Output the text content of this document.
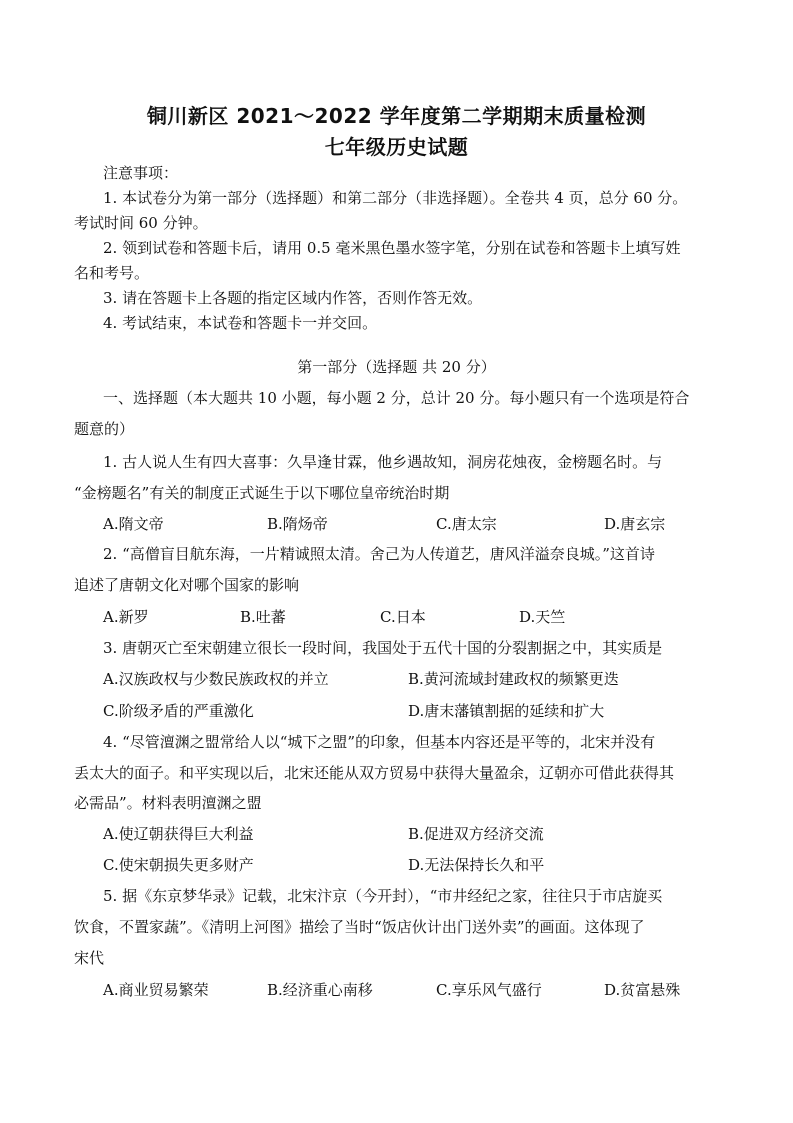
铜川新区 2021～2022 学年度第二学期期末质量检测
七年级历史试题
注意事项：
1. 本试卷分为第一部分（选择题）和第二部分（非选择题）。全卷共 4 页，总分 60 分。
考试时间 60 分钟。
2. 领到试卷和答题卡后，请用 0.5 毫米黑色墨水签字笔，分别在试卷和答题卡上填写姓
名和考号。
3. 请在答题卡上各题的指定区域内作答，否则作答无效。
4. 考试结束，本试卷和答题卡一并交回。
第一部分（选择题 共 20 分）
一、选择题（本大题共 10 小题，每小题 2 分，总计 20 分。每小题只有一个选项是符合
题意的）
1. 古人说人生有四大喜事：久旱逢甘霖，他乡遇故知，洞房花烛夜，金榜题名时。与
“金榜题名”有关的制度正式诞生于以下哪位皇帝统治时期
A.隋文帝	B.隋炀帝	C.唐太宗	D.唐玄宗
2. “高僧盲目航东海，一片精诚照太清。舍己为人传道艺，唐风洋溢奈良城。”这首诗
追述了唐朝文化对哪个国家的影响
A.新罗	B.吐蕃	C.日本	D.天竺
3. 唐朝灭亡至宋朝建立很长一段时间，我国处于五代十国的分裂割据之中，其实质是
A.汉族政权与少数民族政权的并立	B.黄河流域封建政权的频繁更迭
C.阶级矛盾的严重激化	D.唐末藩镇割据的延续和扩大
4. “尽管澶渊之盟常给人以“城下之盟”的印象，但基本内容还是平等的，北宋并没有
丢太大的面子。和平实现以后，北宋还能从双方贸易中获得大量盈余，辽朝亦可借此获得其
必需品”。材料表明澶渊之盟
A.使辽朝获得巨大利益	B.促进双方经济交流
C.使宋朝损失更多财产	D.无法保持长久和平
5. 据《东京梦华录》记载，北宋汴京（今开封），“市井经纪之家，往往只于市店旋买
饮食，不置家蔬”。《清明上河图》描绘了当时“饭店伙计出门送外卖”的画面。这体现了
宋代
A.商业贸易繁荣	B.经济重心南移	C.享乐风气盛行	D.贫富悬殊
